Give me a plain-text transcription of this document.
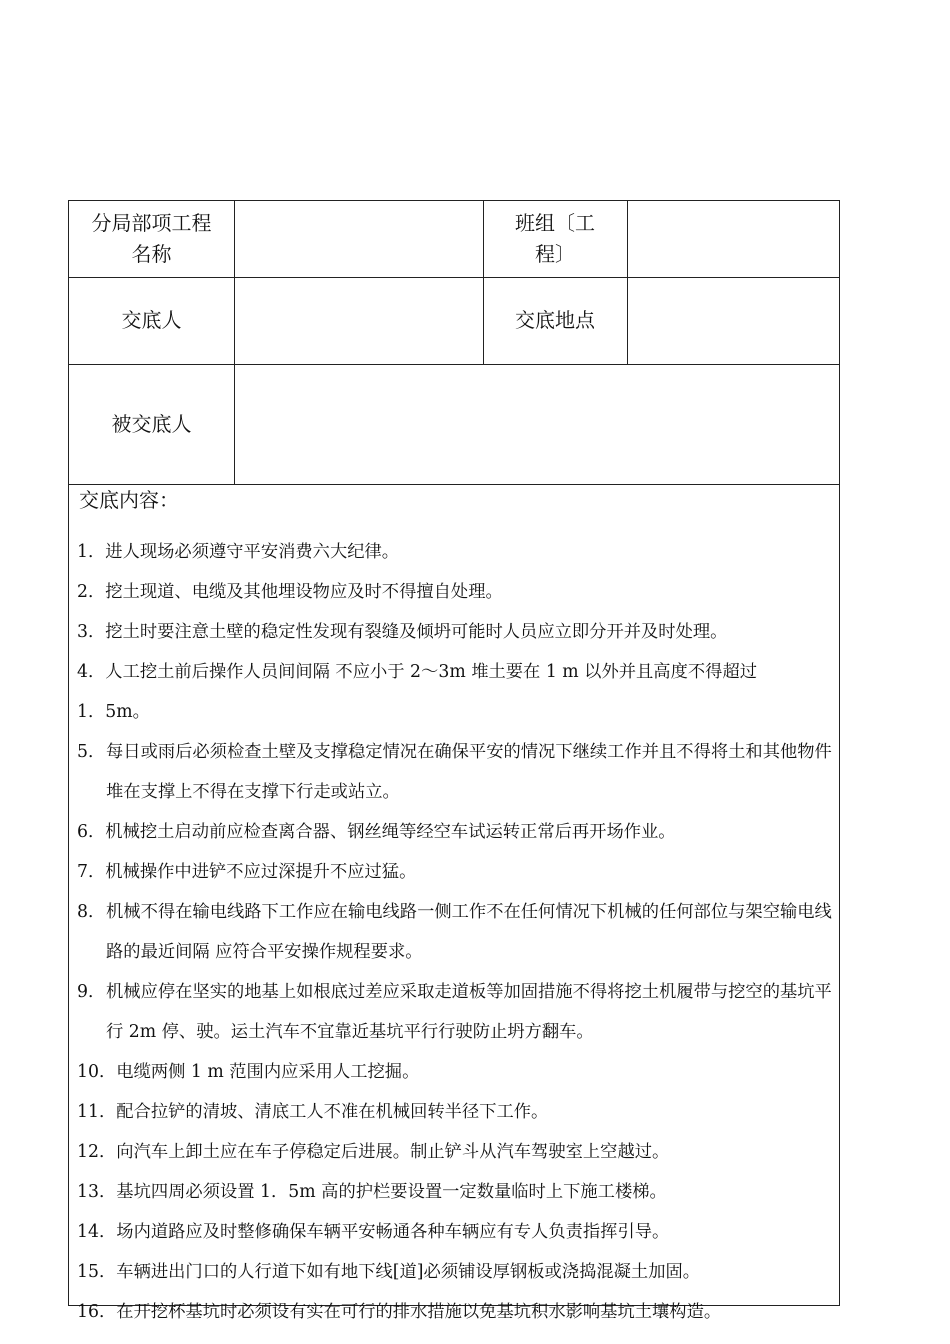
分局部项工程名称
班组〔工程〕
交底人	交底地点
被交底人
交底内容：
1． 进人现场必须遵守平安消费六大纪律。
2． 挖土现道、电缆及其他埋设物应及时不得擅自处理。
3． 挖土时要注意土壁的稳定性发现有裂缝及倾坍可能时人员应立即分开并及时处理。
4． 人工挖土前后操作人员间间隔 不应小于 2～3m 堆土要在 1 m 以外并且高度不得超过
1． 5m。
5． 每日或雨后必须检查土壁及支撑稳定情况在确保平安的情况下继续工作并且不得将土和其他物件堆在支撑上不得在支撑下行走或站立。
6． 机械挖土启动前应检查离合器、钢丝绳等经空车试运转正常后再开场作业。
7． 机械操作中进铲不应过深提升不应过猛。
8． 机械不得在输电线路下工作应在输电线路一侧工作不在任何情况下机械的任何部位与架空输电线路的最近间隔 应符合平安操作规程要求。
9． 机械应停在坚实的地基上如根底过差应采取走道板等加固措施不得将挖土机履带与挖空的基坑平行 2m 停、驶。运土汽车不宜靠近基坑平行行驶防止坍方翻车。
10． 电缆两侧 1 m 范围内应采用人工挖掘。
11． 配合拉铲的清坡、清底工人不准在机械回转半径下工作。
12． 向汽车上卸土应在车子停稳定后进展。制止铲斗从汽车驾驶室上空越过。
13． 基坑四周必须设置 1．5m 高的护栏要设置一定数量临时上下施工楼梯。
14． 场内道路应及时整修确保车辆平安畅通各种车辆应有专人负责指挥引导。
15． 车辆进出门口的人行道下如有地下线[道]必须铺设厚钢板或浇捣混凝土加固。
16． 在开挖杯基坑时必须设有实在可行的排水措施以免基坑积水影响基坑土壤构造。
